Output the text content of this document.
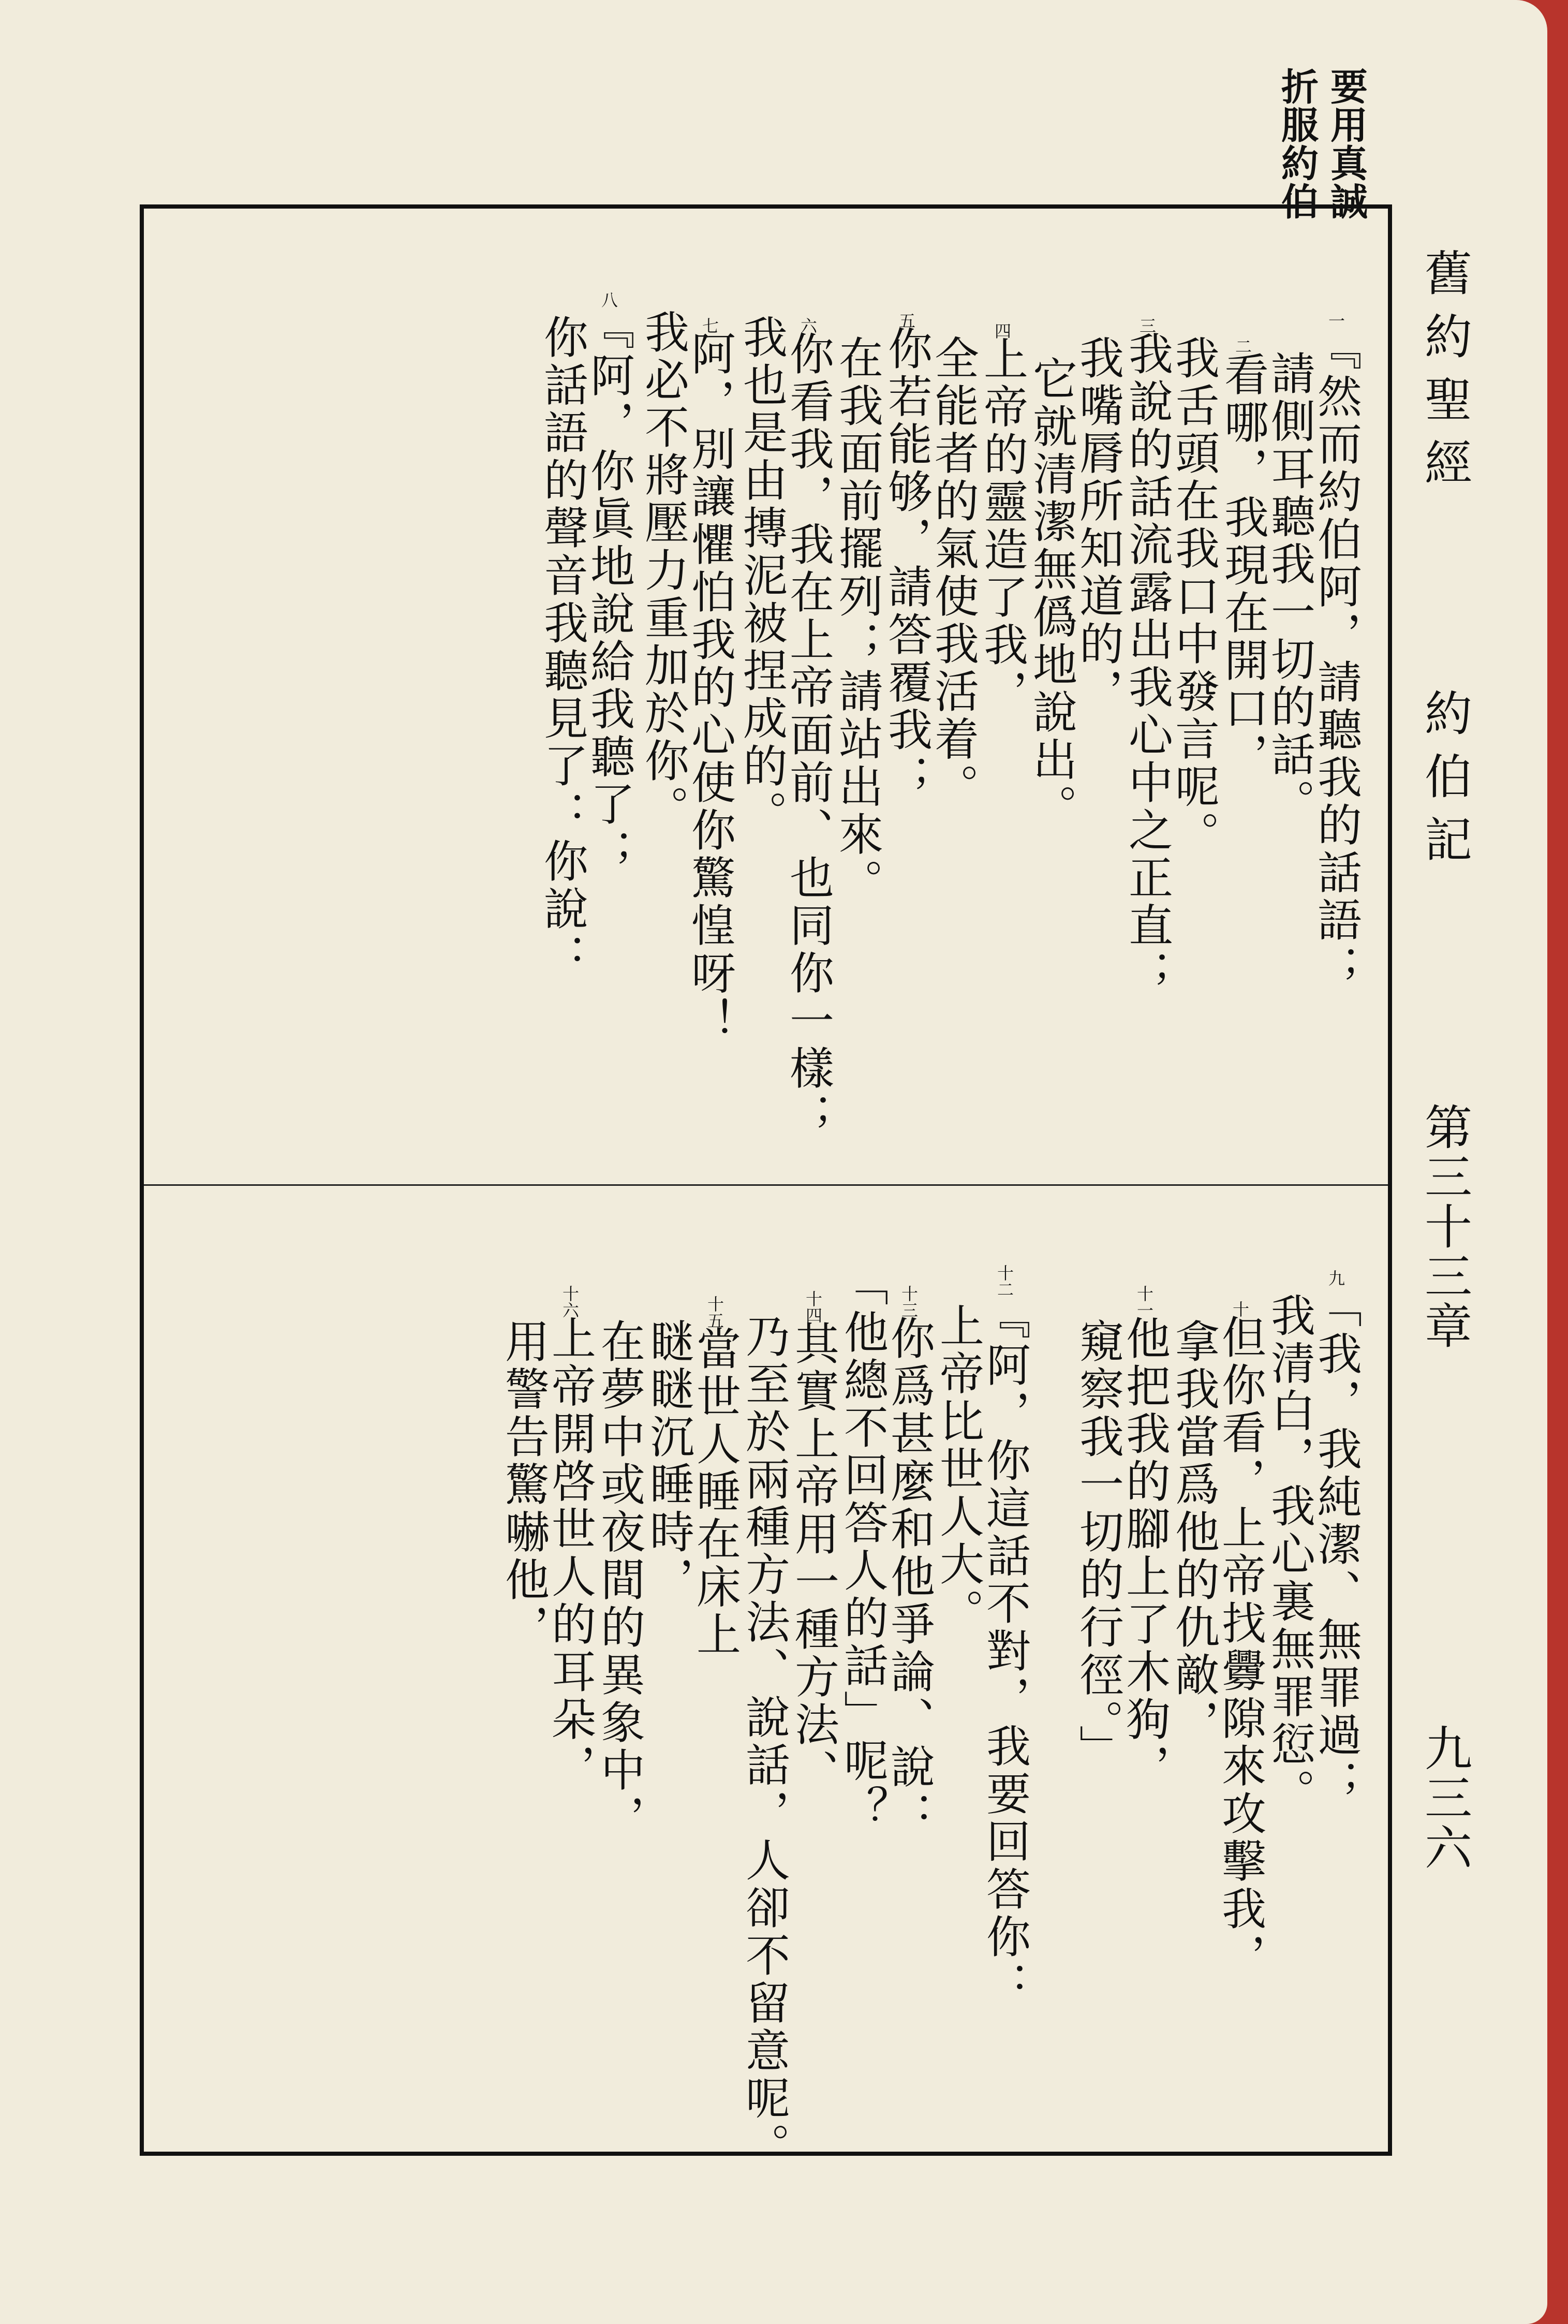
要用真誠
折服約伯
舊約聖經
約伯記
第三十三章
九三六
一『然而約伯阿，請聽我的話語；
請側耳聽我一切的話。
二看哪，我現在開口，
我舌頭在我口中發言呢。
三我說的話流露出我心中之正直；
我嘴脣所知道的，
它就清潔無僞地說出。
四上帝的靈造了我，
全能者的氣使我活着。
五你若能够，請答覆我；
在我面前擺列；請站出來。
六你看我，我在上帝面前、也同你一樣；
我也是由摶泥被捏成的。
七阿，別讓懼怕我的心使你驚惶呀！
我必不將壓力重加於你。
八『阿，你眞地說給我聽了；
你話語的聲音我聽見了：你說：
九「我，我純潔、無罪過；
我清白，我心裏無罪愆。
十但你看，上帝找釁隙來攻擊我，
拿我當爲他的仇敵，
十一他把我的腳上了木狗，
窺察我一切的行徑。」
十二『阿，你這話不對，我要回答你：
上帝比世人大。
十三你爲甚麼和他爭論、說：
「他總不回答人的話」呢？
十四其實上帝用一種方法、
乃至於兩種方法、說話，人卻不留意呢。
十五當世人睡在床上
瞇瞇沉睡時，
在夢中或夜間的異象中，
十六上帝開啓世人的耳朵，
用警告驚嚇他，
